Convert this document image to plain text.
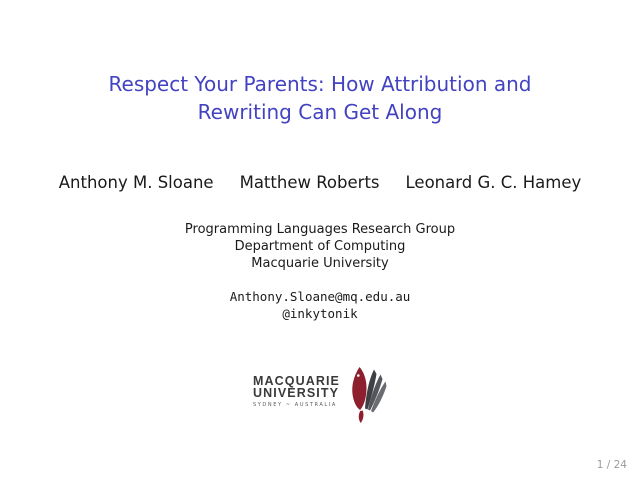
Respect Your Parents: How Attribution and
Rewriting Can Get Along
Anthony M. Sloane Matthew Roberts Leonard G. C. Hamey
Programming Languages Research Group
Department of Computing
Macquarie University
Anthony.Sloane@mq.edu.au
@inkytonik
MACQUARIE
UNIVERSITY
SYDNEY ~ AUSTRALIA
1 / 24
